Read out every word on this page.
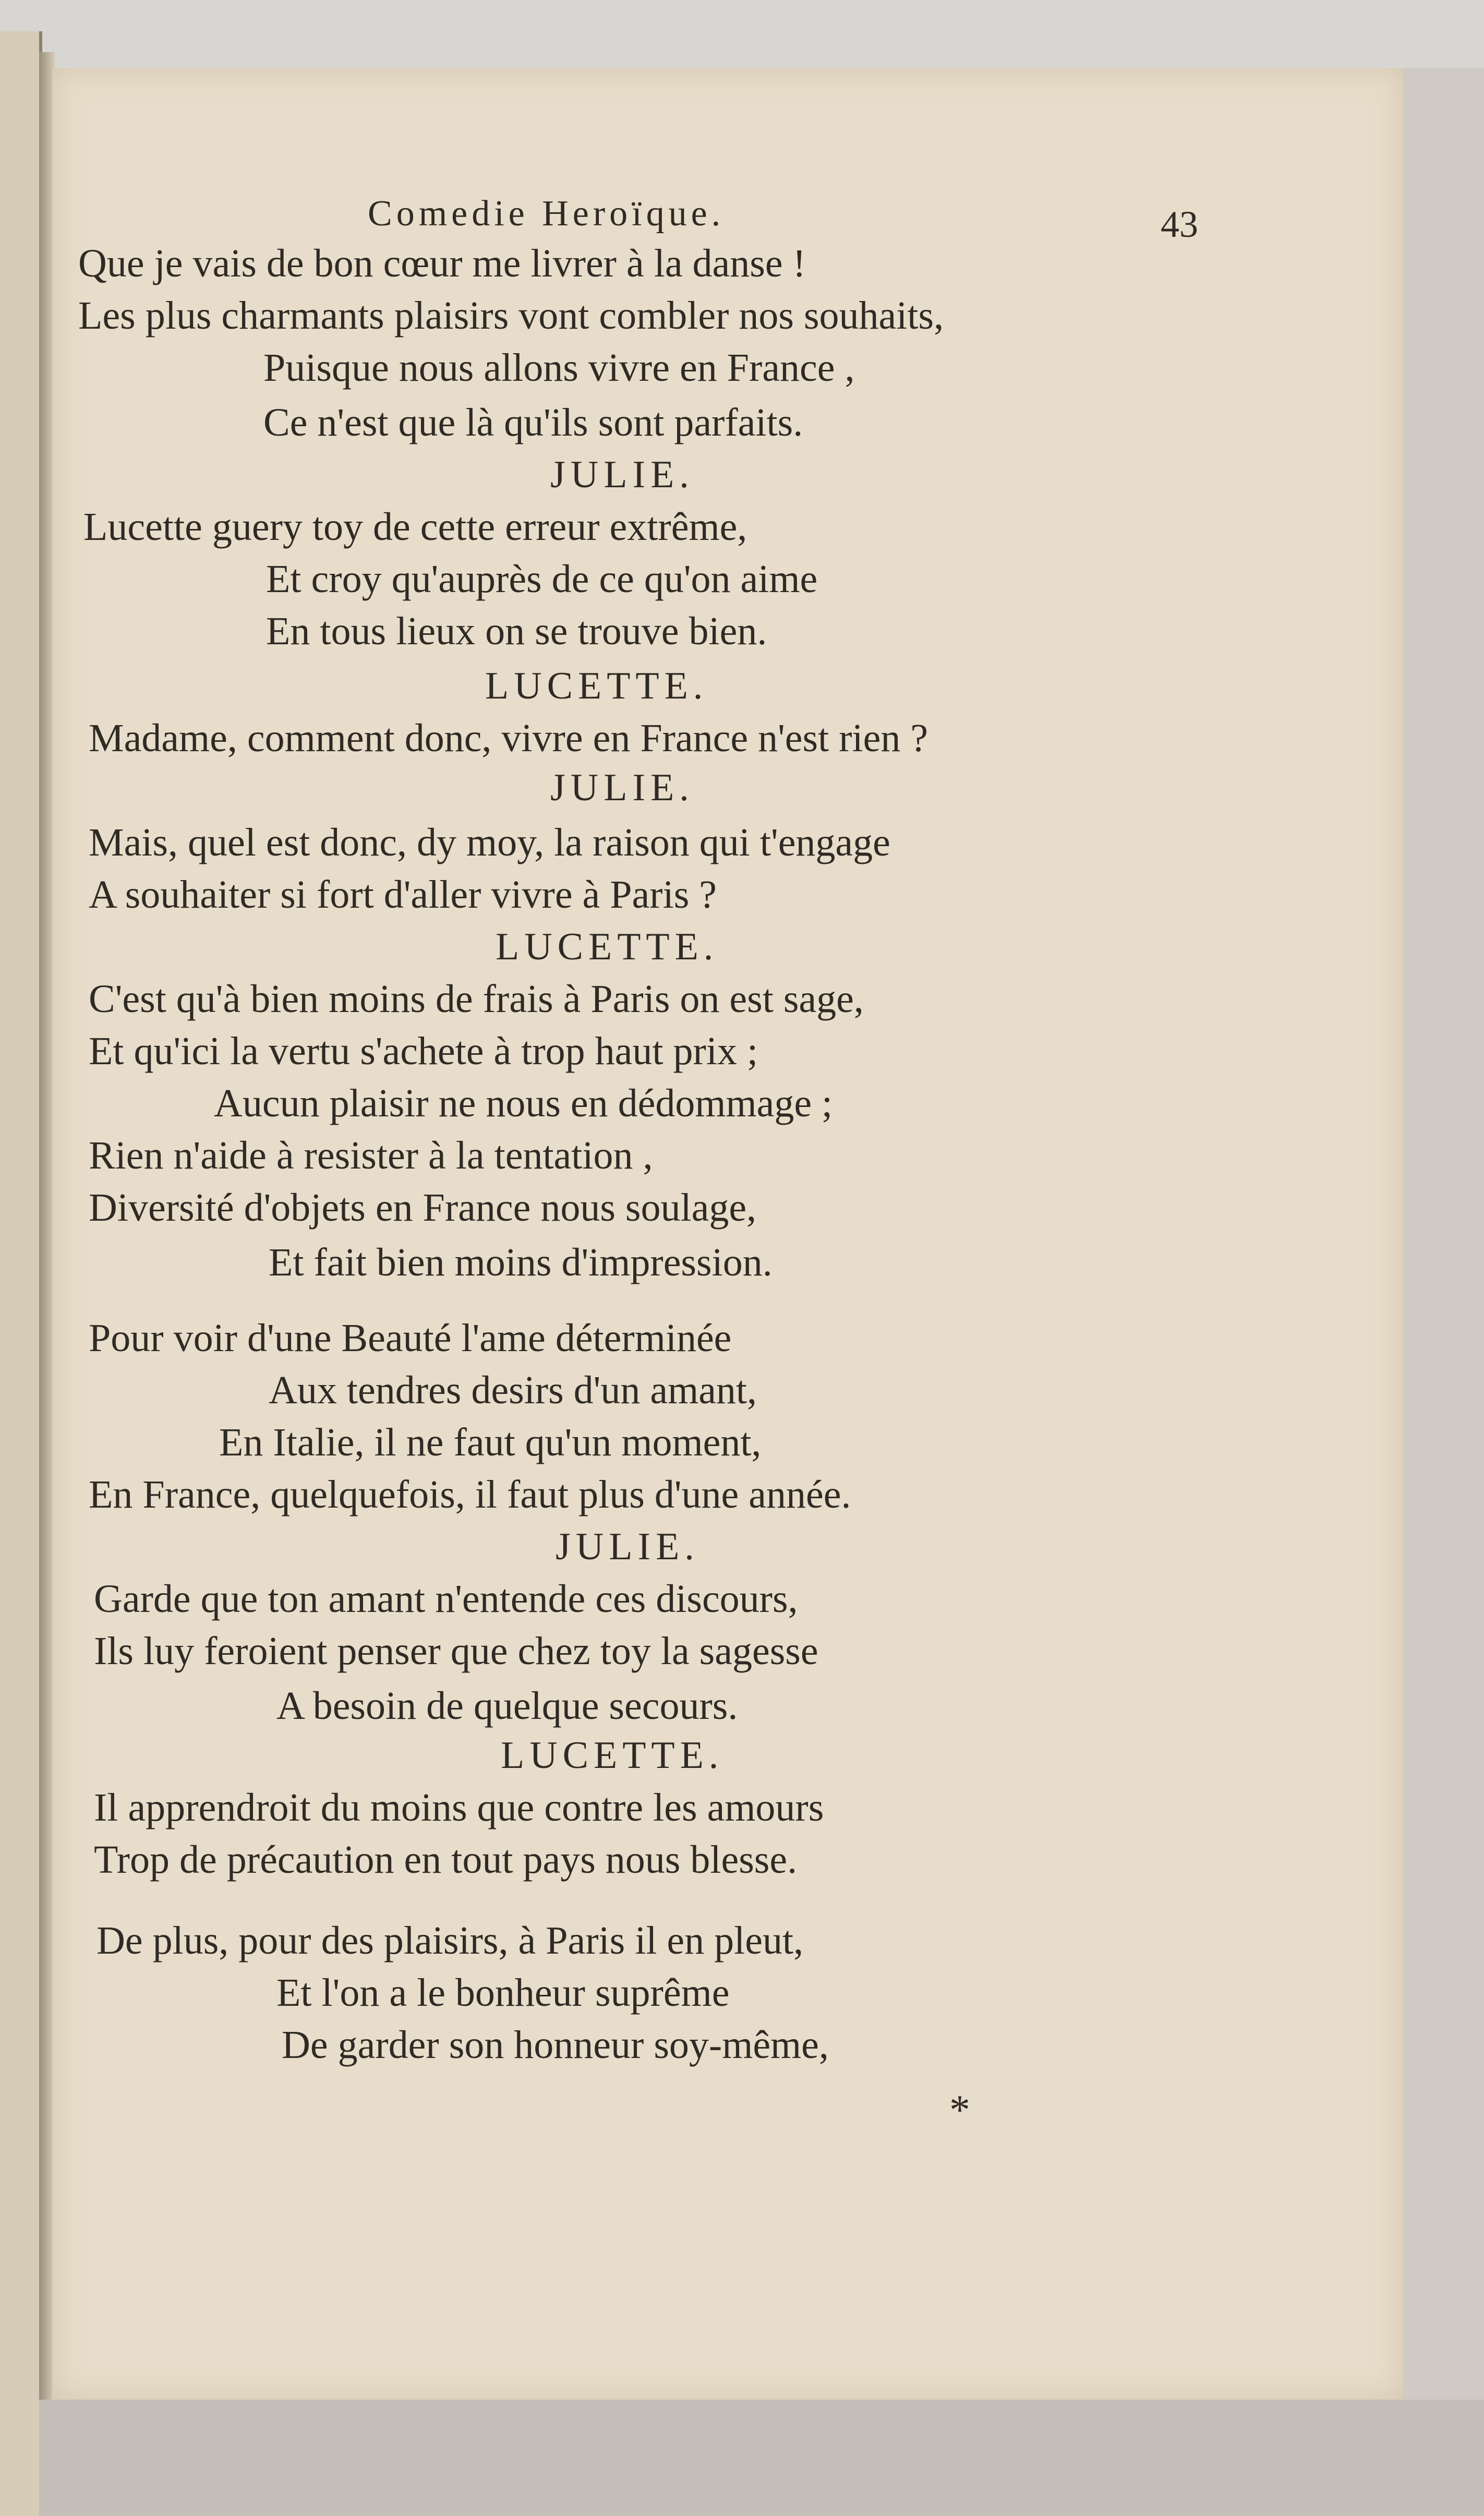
Comedie Heroïque.	43
Que je vais de bon cœur me livrer à la danse !
Les plus charmants plaisirs vont combler nos souhaits,
Puisque nous allons vivre en France ,
Ce n'est que là qu'ils sont parfaits.
JULIE.
Lucette guery toy de cette erreur extrême,
Et croy qu'auprès de ce qu'on aime
En tous lieux on se trouve bien.
LUCETTE.
Madame, comment donc, vivre en France n'est rien ?
JULIE.
Mais, quel est donc, dy moy, la raison qui t'engage
A souhaiter si fort d'aller vivre à Paris ?
LUCETTE.
C'est qu'à bien moins de frais à Paris on est sage,
Et qu'ici la vertu s'achete à trop haut prix ;
Aucun plaisir ne nous en dédommage ;
Rien n'aide à resister à la tentation ,
Diversité d'objets en France nous soulage,
Et fait bien moins d'impression.
Pour voir d'une Beauté l'ame déterminée
Aux tendres desirs d'un amant,
En Italie, il ne faut qu'un moment,
En France, quelquefois, il faut plus d'une année.
JULIE.
Garde que ton amant n'entende ces discours,
Ils luy feroient penser que chez toy la sagesse
A besoin de quelque secours.
LUCETTE.
Il apprendroit du moins que contre les amours
Trop de précaution en tout pays nous blesse.
De plus, pour des plaisirs, à Paris il en pleut,
Et l'on a le bonheur suprême
De garder son honneur soy-même,
*
